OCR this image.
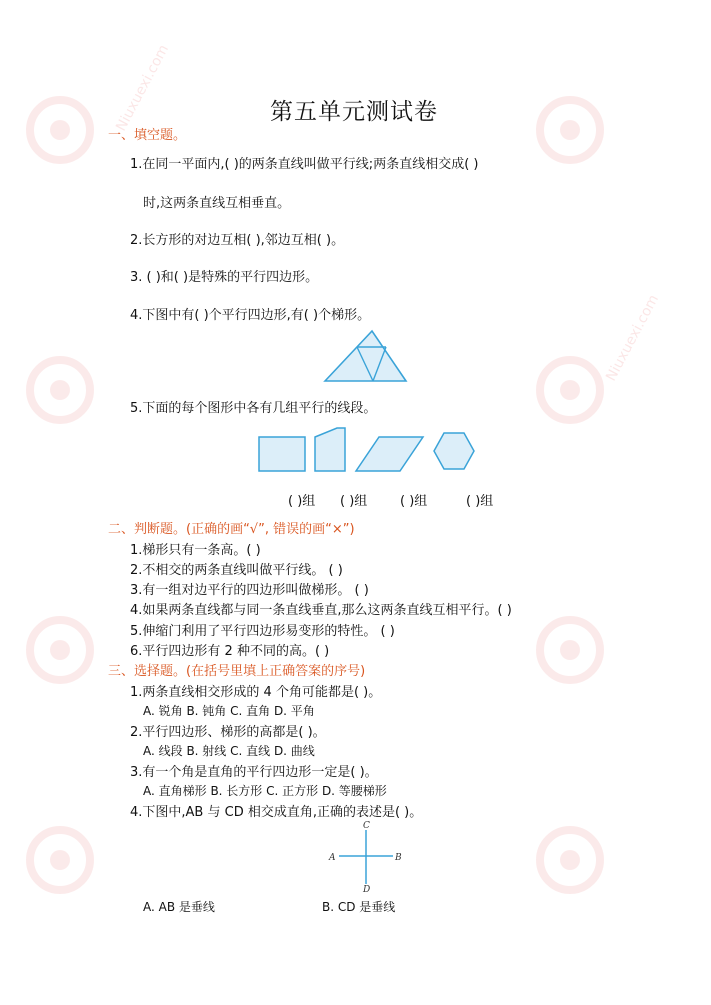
Niuxuexi.com
Niuxuexi.com
第五单元测试卷
一、填空题。
1.在同一平面内,( )的两条直线叫做平行线;两条直线相交成( )
时,这两条直线互相垂直。
2.长方形的对边互相( ),邻边互相( )。
3. ( )和( )是特殊的平行四边形。
4.下图中有( )个平行四边形,有( )个梯形。
5.下面的每个图形中各有几组平行的线段。
( )组 ( )组	( )组	( )组
二、判断题。(正确的画“√”, 错误的画“×”)
1.梯形只有一条高。( )
2.不相交的两条直线叫做平行线。 ( )
3.有一组对边平行的四边形叫做梯形。 ( )
4.如果两条直线都与同一条直线垂直,那么这两条直线互相平行。( )
5.伸缩门利用了平行四边形易变形的特性。 ( )
6.平行四边形有 2 种不同的高。( )
三、选择题。(在括号里填上正确答案的序号)
1.两条直线相交形成的 4 个角可能都是( )。
A. 锐角 B. 钝角 C. 直角 D. 平角
2.平行四边形、梯形的高都是( )。
A. 线段 B. 射线 C. 直线 D. 曲线
3.有一个角是直角的平行四边形一定是( )。
A. 直角梯形 B. 长方形 C. 正方形 D. 等腰梯形
4.下图中,AB 与 CD 相交成直角,正确的表述是( )。
A	B
C
D
A. AB 是垂线	B. CD 是垂线
